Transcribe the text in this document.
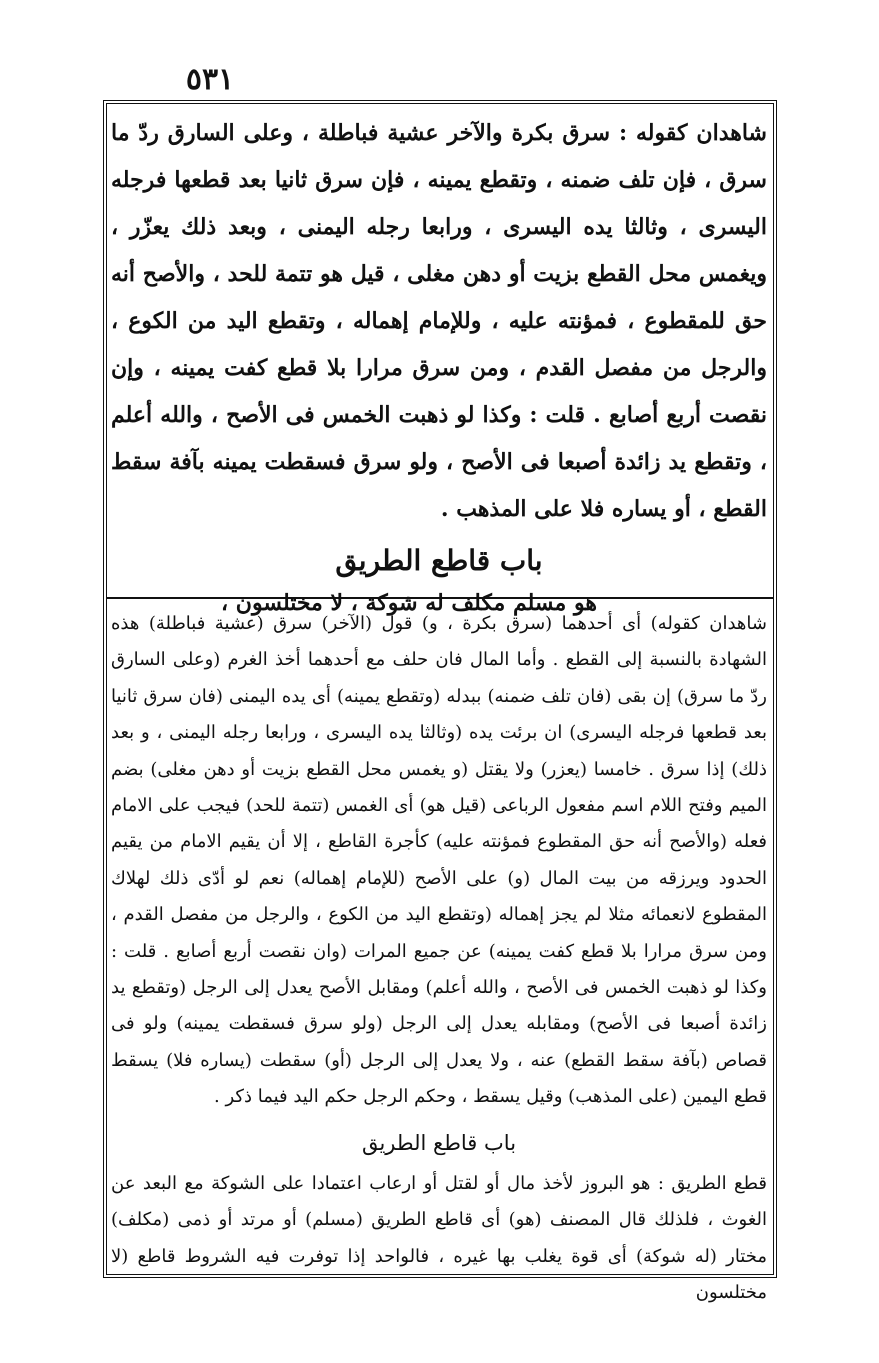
٥٣١

شاهدان كقوله : سرق بكرة والآخر عشية فباطلة ، وعلى السارق ردّ ما سرق ، فإن تلف ضمنه ، وتقطع يمينه ، فإن سرق ثانيا بعد قطعها فرجله اليسرى ، وثالثا يده اليسرى ، ورابعا رجله اليمنى ، وبعد ذلك يعزّر ، ويغمس محل القطع بزيت أو دهن مغلى ، قيل هو تتمة للحد ، والأصح أنه حق للمقطوع ، فمؤنته عليه ، وللإمام إهماله ، وتقطع اليد من الكوع ، والرجل من مفصل القدم ، ومن سرق مرارا بلا قطع كفت يمينه ، وإن نقصت أربع أصابع . قلت : وكذا لو ذهبت الخمس فى الأصح ، والله أعلم ، وتقطع يد زائدة أصبعا فى الأصح ، ولو سرق فسقطت يمينه بآفة سقط القطع ، أو يساره فلا على المذهب .

باب قاطع الطريق
هو مسلم مكلف له شوكة ، لا مختلسون ،

شاهدان كقوله) أى أحدهما (سرق بكرة ، و) قول (الآخر) سرق (عشية فباطلة) هذه الشهادة بالنسبة إلى القطع . وأما المال فان حلف مع أحدهما أخذ الغرم (وعلى السارق ردّ ما سرق) إن بقى (فان تلف ضمنه) ببدله (وتقطع يمينه) أى يده اليمنى (فان سرق ثانيا بعد قطعها فرجله اليسرى) ان برئت يده (وثالثا يده اليسرى ، ورابعا رجله اليمنى ، و بعد ذلك) إذا سرق . خامسا (يعزر) ولا يقتل (و يغمس محل القطع بزيت أو دهن مغلى) بضم الميم وفتح اللام اسم مفعول الرباعى (قيل هو) أى الغمس (تتمة للحد) فيجب على الامام فعله (والأصح أنه حق المقطوع فمؤنته عليه) كأجرة القاطع ، إلا أن يقيم الامام من يقيم الحدود ويرزقه من بيت المال (و) على الأصح (للإمام إهماله) نعم لو أدّى ذلك لهلاك المقطوع لانعمائه مثلا لم يجز إهماله (وتقطع اليد من الكوع ، والرجل من مفصل القدم ، ومن سرق مرارا بلا قطع كفت يمينه) عن جميع المرات (وان نقصت أربع أصابع . قلت : وكذا لو ذهبت الخمس فى الأصح ، والله أعلم) ومقابل الأصح يعدل إلى الرجل (وتقطع يد زائدة أصبعا فى الأصح) ومقابله يعدل إلى الرجل (ولو سرق فسقطت يمينه) ولو فى قصاص (بآفة سقط القطع) عنه ، ولا يعدل إلى الرجل (أو) سقطت (يساره فلا) يسقط قطع اليمين (على المذهب) وقيل يسقط ، وحكم الرجل حكم اليد فيما ذكر .

باب قاطع الطريق

قطع الطريق : هو البروز لأخذ مال أو لقتل أو ارعاب اعتمادا على الشوكة مع البعد عن الغوث ، فلذلك قال المصنف (هو) أى قاطع الطريق (مسلم) أو مرتد أو ذمى (مكلف) مختار (له شوكة) أى قوة يغلب بها غيره ، فالواحد إذا توفرت فيه الشروط قاطع (لا مختلسون
